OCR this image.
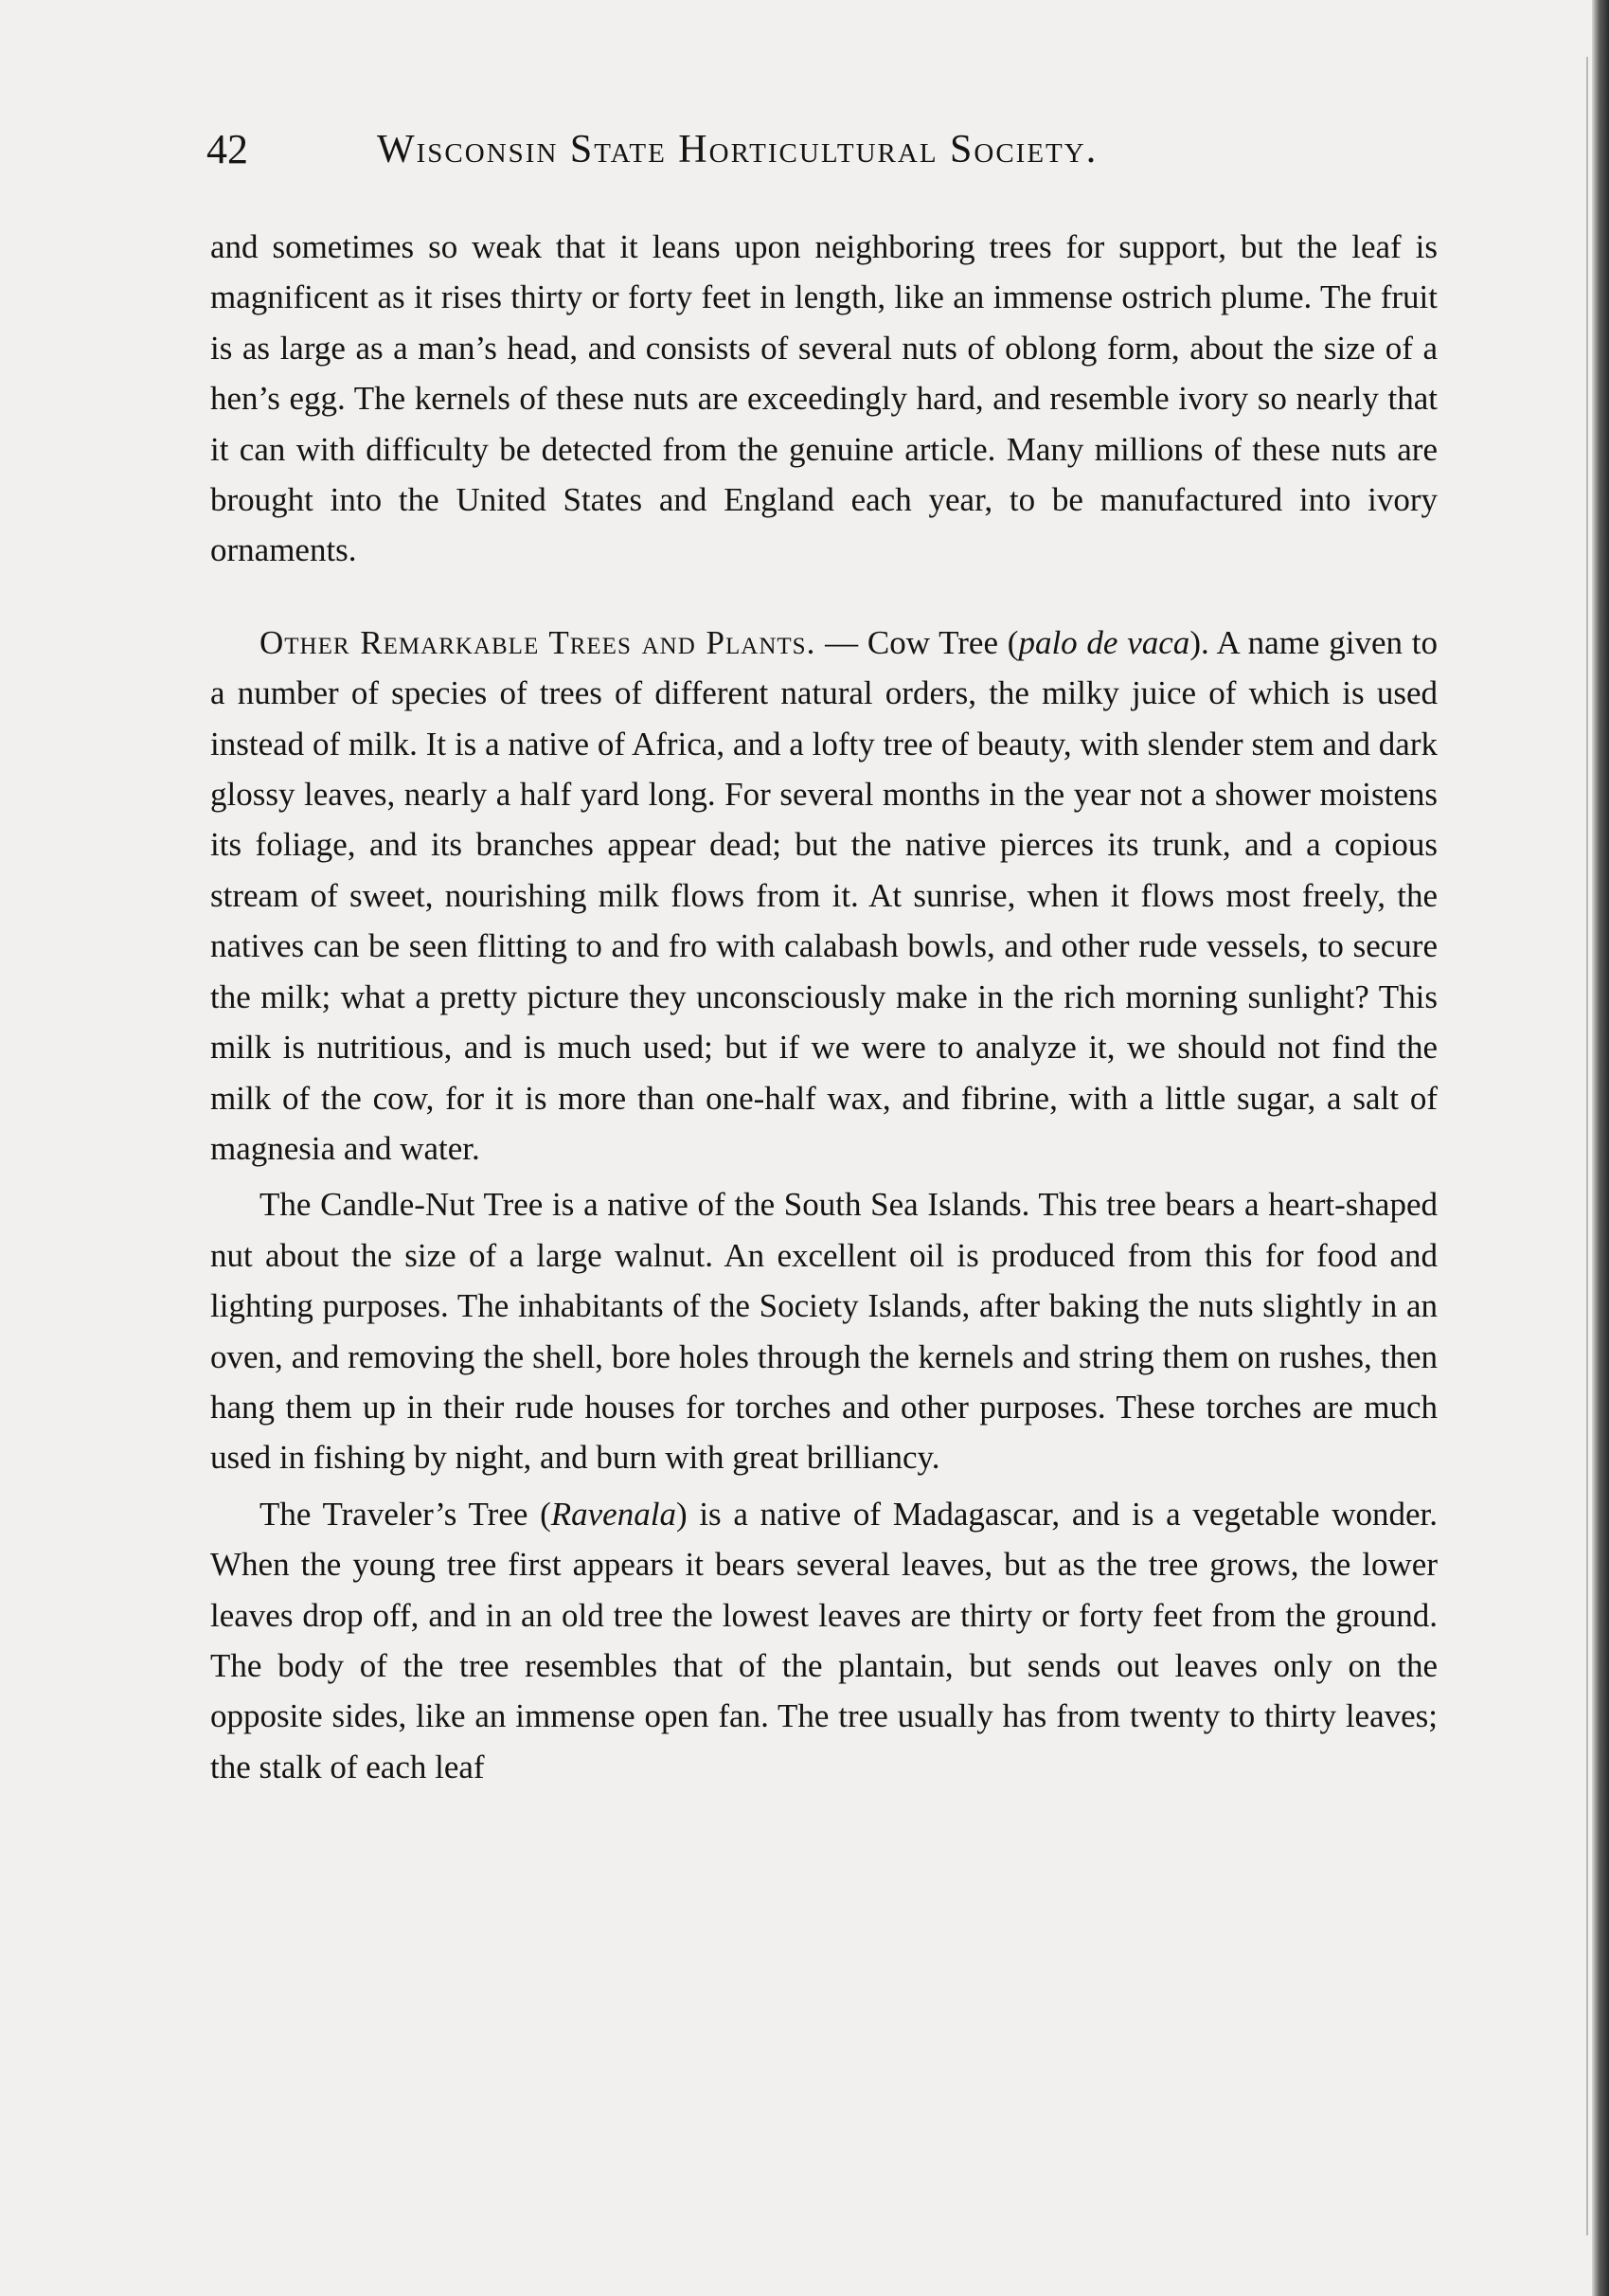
42	Wisconsin State Horticultural Society.

and sometimes so weak that it leans upon neighboring trees for support, but the leaf is magnificent as it rises thirty or forty feet in length, like an immense ostrich plume. The fruit is as large as a man’s head, and consists of several nuts of oblong form, about the size of a hen’s egg. The kernels of these nuts are exceedingly hard, and resemble ivory so nearly that it can with difficulty be detected from the genuine article. Many millions of these nuts are brought into the United States and England each year, to be manufactured into ivory ornaments.

Other Remarkable Trees and Plants. — Cow Tree (palo de vaca). A name given to a number of species of trees of different natural orders, the milky juice of which is used instead of milk. It is a native of Africa, and a lofty tree of beauty, with slender stem and dark glossy leaves, nearly a half yard long. For several months in the year not a shower moistens its foliage, and its branches appear dead; but the native pierces its trunk, and a copious stream of sweet, nourishing milk flows from it. At sunrise, when it flows most freely, the natives can be seen flitting to and fro with calabash bowls, and other rude vessels, to secure the milk; what a pretty picture they unconsciously make in the rich morning sunlight? This milk is nutritious, and is much used; but if we were to analyze it, we should not find the milk of the cow, for it is more than one-half wax, and fibrine, with a little sugar, a salt of magnesia and water.

The Candle-Nut Tree is a native of the South Sea Islands. This tree bears a heart-shaped nut about the size of a large walnut. An excellent oil is produced from this for food and lighting purposes. The inhabitants of the Society Islands, after baking the nuts slightly in an oven, and removing the shell, bore holes through the kernels and string them on rushes, then hang them up in their rude houses for torches and other purposes. These torches are much used in fishing by night, and burn with great brilliancy.

The Traveler’s Tree (Ravenala) is a native of Madagascar, and is a vegetable wonder. When the young tree first appears it bears several leaves, but as the tree grows, the lower leaves drop off, and in an old tree the lowest leaves are thirty or forty feet from the ground. The body of the tree resembles that of the plantain, but sends out leaves only on the opposite sides, like an immense open fan. The tree usually has from twenty to thirty leaves; the stalk of each leaf
